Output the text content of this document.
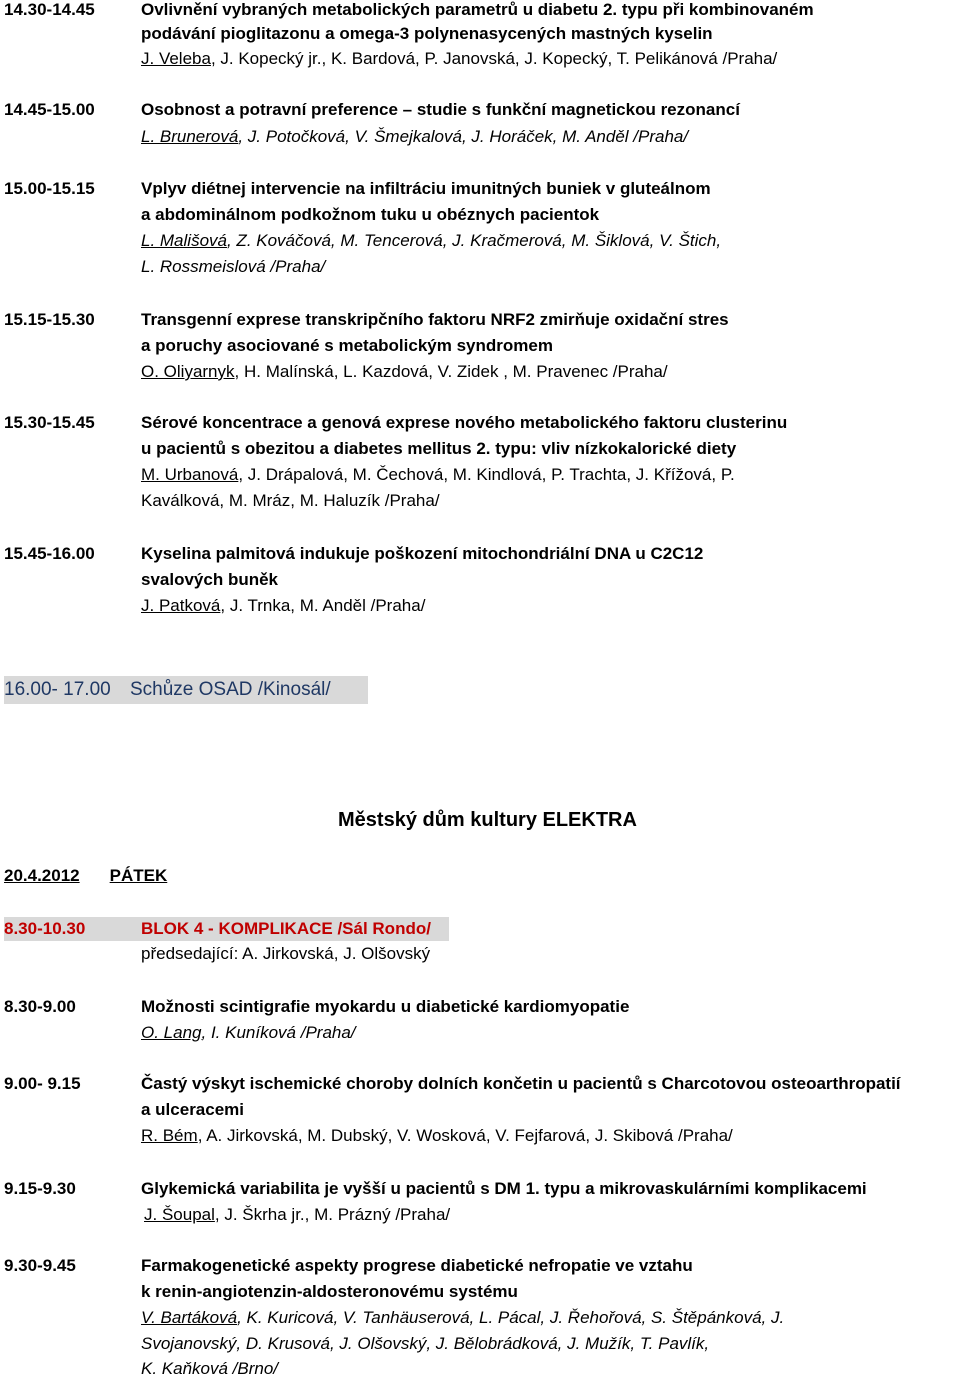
14.30-14.45	Ovlivnění vybraných metabolických parametrů u diabetu 2. typu při kombinovaném
podávání pioglitazonu a omega-3 polynenasycených mastných kyselin
J. Veleba, J. Kopecký jr., K. Bardová, P. Janovská, J. Kopecký, T. Pelikánová /Praha/
14.45-15.00	Osobnost a potravní preference – studie s funkční magnetickou rezonancí
L. Brunerová, J. Potočková, V. Šmejkalová, J. Horáček, M. Anděl /Praha/
15.00-15.15	Vplyv diétnej intervencie na infiltráciu imunitných buniek v gluteálnom
a abdominálnom podkožnom tuku u obéznych pacientok
L. Mališová, Z. Kováčová, M. Tencerová, J. Kračmerová, M. Šiklová, V. Štich,
L. Rossmeislová /Praha/
15.15-15.30	Transgenní exprese transkripčního faktoru NRF2 zmirňuje oxidační stres
a poruchy asociované s metabolickým syndromem
O. Oliyarnyk, H. Malínská, L. Kazdová, V. Zidek , M. Pravenec /Praha/
15.30-15.45	Sérové koncentrace a genová exprese nového metabolického faktoru clusterinu
u pacientů s obezitou a diabetes mellitus 2. typu: vliv nízkokalorické diety
M. Urbanová, J. Drápalová, M. Čechová, M. Kindlová, P. Trachta, J. Křížová, P.
Kaválková, M. Mráz, M. Haluzík /Praha/
15.45-16.00	Kyselina palmitová indukuje poškození mitochondriální DNA u C2C12
svalových buněk
J. Patková, J. Trnka, M. Anděl /Praha/
16.00- 17.00 Schůze OSAD /Kinosál/
Městský dům kultury ELEKTRA
20.4.2012 PÁTEK
8.30-10.30	BLOK 4 - KOMPLIKACE /Sál Rondo/
předsedající: A. Jirkovská, J. Olšovský
8.30-9.00	Možnosti scintigrafie myokardu u diabetické kardiomyopatie
O. Lang, I. Kuníková /Praha/
9.00- 9.15	Častý výskyt ischemické choroby dolních končetin u pacientů s Charcotovou osteoarthropatií
a ulceracemi
R. Bém, A. Jirkovská, M. Dubský, V. Wosková, V. Fejfarová, J. Skibová /Praha/
9.15-9.30	Glykemická variabilita je vyšší u pacientů s DM 1. typu a mikrovaskulárními komplikacemi
J. Šoupal, J. Škrha jr., M. Prázný /Praha/
9.30-9.45	Farmakogenetické aspekty progrese diabetické nefropatie ve vztahu
k renin-angiotenzin-aldosteronovému systému
V. Bartáková, K. Kuricová, V. Tanhäuserová, L. Pácal, J. Řehořová, S. Štěpánková, J.
Svojanovský, D. Krusová, J. Olšovský, J. Bělobrádková, J. Mužík, T. Pavlík,
K. Kaňková /Brno/
